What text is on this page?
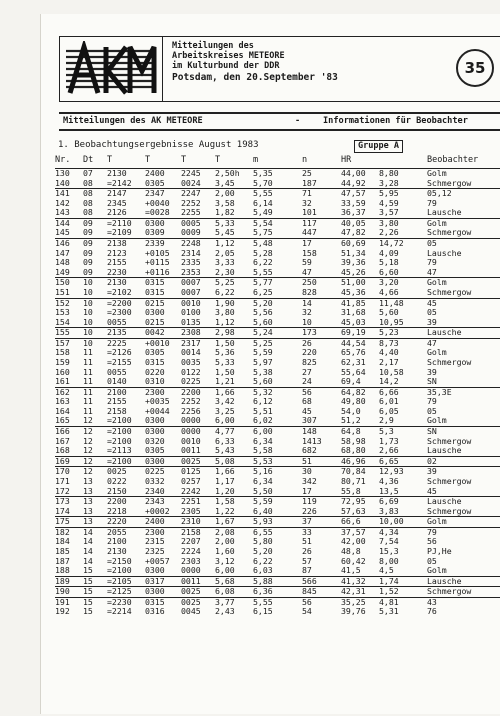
Mitteilungen des
Arbeitskreises METEORE
im Kulturbund der DDR
Potsdam, den 20.September '83
35
Mitteilungen des AK METEORE	-	Informationen für Beobachter
1. Beobachtungsergebnisse August 1983	Gruppe A
Nr. Dt T	T	T	T	m	n	HR	Beobachter
130 07 2130 2400 2245 2,50h 5,35	25	44,00 8,80	Golm
140 08 =2142 0305 0024 3,45 5,70	187	44,92 3,28	Schmergow
141 08 2147 2347 2247 2,00 5,55	71	47,57 5,95	05,12
142 08 2345 +0040 2252 3,58 6,14	32	33,59 4,59	79
143 08 2126 =0028 2255 1,82 5,49	101	36,37 3,57	Lausche
144 09 =2110 0300 0005 5,33 5,54	117	40,05 3,80	Golm
145 09 =2109 0309 0009 5,45 5,75	447	47,82 2,26	Schmergow
146 09 2138 2339 2248 1,12 5,48	17	60,69 14,72	05
147 09 2123 +0105 2314 2,05 5,28	158	51,34 4,09	Lausche
148 09 2155 +0115 2335 3,33 6,22	59	39,36 5,18	79
149 09 2230 +0116 2353 2,30 5,55	47	45,26 6,60	47
150 10 2130 0315 0007 5,25 5,77	250	51,00 3,20	Golm
151 10 =2102 0315 0007 6,22 6,25	828	45,36 4,66	Schmergow
152 10 =2200 0215 0010 1,90 5,20	14	41,85 11,48	45
153 10 =2300 0300 0100 3,80 5,56	32	31,68 5,60	05
154 10 0055 0215 0135 1,12 5,60	10	45,03 10,95	39
155 10 2135 0042 2308 2,98 5,24	173	69,19 5,23	Lausche
157 10 2225 +0010 2317 1,50 5,25	26	44,54 8,73	47
158 11 =2126 0305 0014 5,36 5,59	220	65,76 4,40	Golm
159 11 =2155 0315 0035 5,33 5,97	825	62,31 2,17	Schmergow
160 11 0055 0220 0122 1,50 5,38	27	55,64 10,58	39
161 11 0140 0310 0225 1,21 5,60	24	69,4 14,2	SN
162 11 2100 2300 2200 1,66 5,32	56	64,82 6,66	35,3E
163 11 2155 +0035 2252 3,42 6,12	68	49,80 6,01	79
164 11 2158 +0044 2256 3,25 5,51	45	54,0 6,05	05
165 12 =2100 0300 0000 6,00 6,02	307	51,2 2,9	Golm
166 12 =2100 0300 0000 4,77 6,00	148	64,8 5,3	SN
167 12 =2100 0320 0010 6,33 6,34	1413 58,98 1,73	Schmergow
168 12 =2113 0305 0011 5,43 5,58	682	68,80 2,66	Lausche
169 12 =2100 0300 0025 5,08 5,53	51	46,96 6,65	02
170 12 0025 0225 0125 1,66 5,16	30	70,84 12,93	39
171 13 0222 0332 0257 1,17 6,34	342	80,71 4,36	Schmergow
172 13 2150 2340 2242 1,20 5,50	17	55,8 13,5	45
173 13 2200 2343 2251 1,58 5,59	119	72,95 6,69	Lausche
174 13 2218 +0002 2305 1,22 6,40	226	57,63 3,83	Schmergow
175 13 2220 2400 2310 1,67 5,93	37	66,6 10,00	Golm
182 14 2055 2300 2158 2,08 6,55	33	37,57 4,34	79
184 14 2100 2315 2207 2,00 5,80	51	42,00 7,54	56
185 14 2130 2325 2224 1,60 5,20	26	48,8 15,3	PJ,He
187 14 =2150 +0057 2303 3,12 6,22	57	60,42 8,00	05
188 15 =2100 0300 0000 6,00 6,03	87	41,5 4,5	Golm
189 15 =2105 0317 0011 5,68 5,88	566	41,32 1,74	Lausche
190 15 =2125 0300 0025 6,08 6,36	845	42,31 1,52	Schmergow
191 15 =2230 0315 0025 3,77 5,55	56	35,25 4,81	43
192 15 =2214 0316 0045 2,43 6,15	54	39,76 5,31	76
